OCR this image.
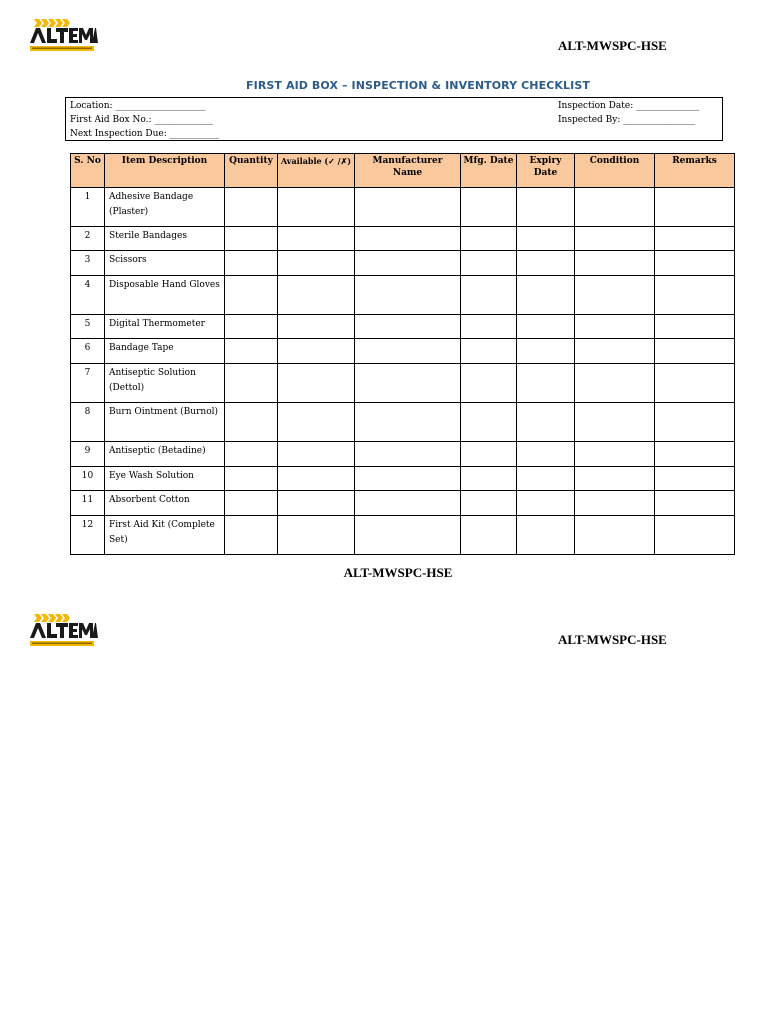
ALT-MWSPC-HSE
FIRST AID BOX – INSPECTION & INVENTORY CHECKLIST
Location: ____________________
First Aid Box No.: _____________
Next Inspection Due: ___________
Inspection Date: ______________
Inspected By: ________________
S. No	Item Description	Quantity	Available (✓ /✗)	Manufacturer Name	Mfg. Date	Expiry Date	Condition	Remarks
1	Adhesive Bandage (Plaster)							
2	Sterile Bandages							
3	Scissors							
4	Disposable Hand Gloves							
5	Digital Thermometer							
6	Bandage Tape							
7	Antiseptic Solution (Dettol)							
8	Burn Ointment (Burnol)							
9	Antiseptic (Betadine)							
10	Eye Wash Solution							
11	Absorbent Cotton							
12	First Aid Kit (Complete Set)							
ALT-MWSPC-HSE
ALT-MWSPC-HSE
